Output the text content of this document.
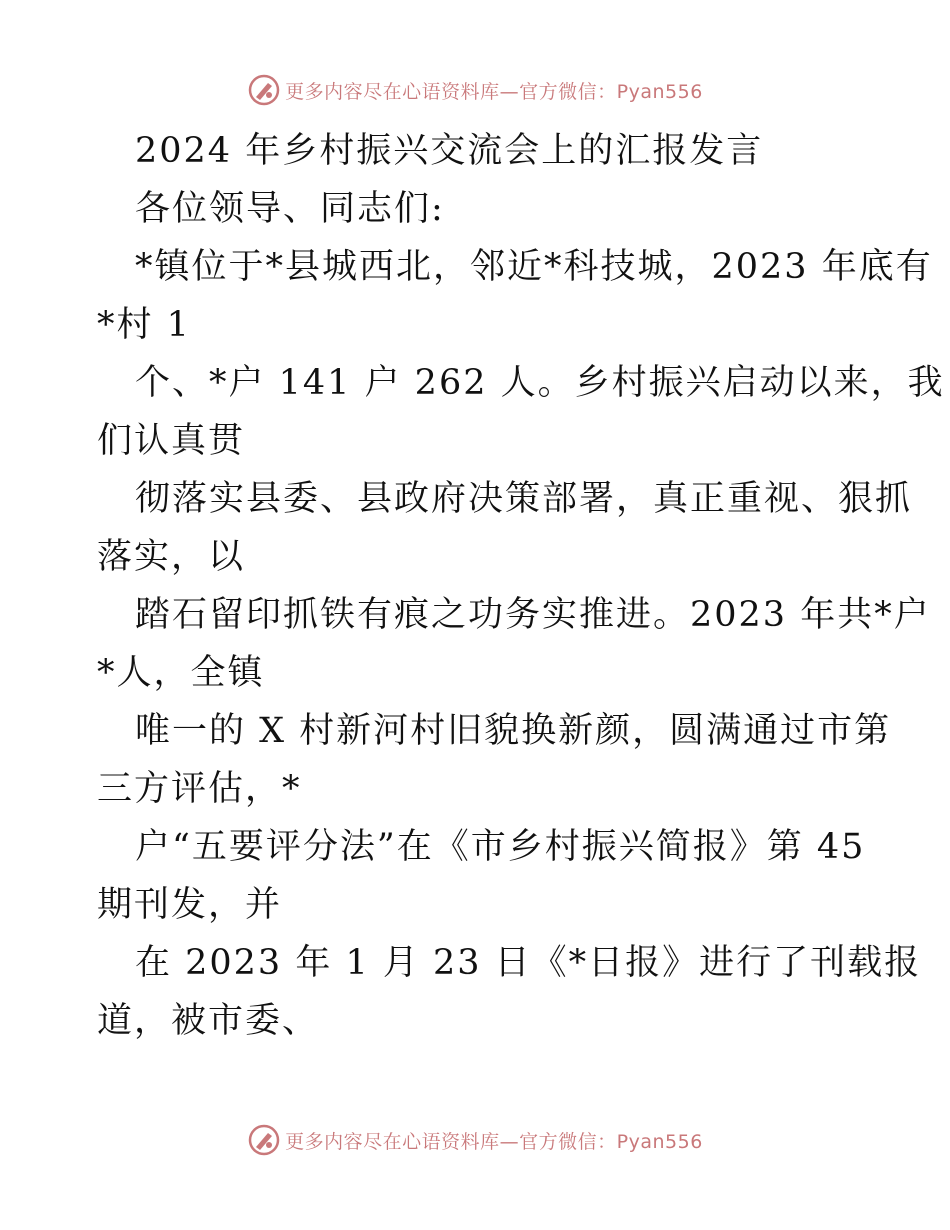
更多内容尽在心语资料库—官方微信：Pyan556
2024 年乡村振兴交流会上的汇报发言
各位领导、同志们:
*镇位于*县城西北，邻近*科技城，2023 年底有
*村 1
个、*户 141 户 262 人。乡村振兴启动以来，我
们认真贯
彻落实县委、县政府决策部署，真正重视、狠抓
落实，以
踏石留印抓铁有痕之功务实推进。2023 年共*户
*人，全镇
唯一的 X 村新河村旧貌换新颜，圆满通过市第
三方评估，*
户“五要评分法”在《市乡村振兴简报》第 45
期刊发，并
在 2023 年 1 月 23 日《*日报》进行了刊载报
道，被市委、
更多内容尽在心语资料库—官方微信：Pyan556
